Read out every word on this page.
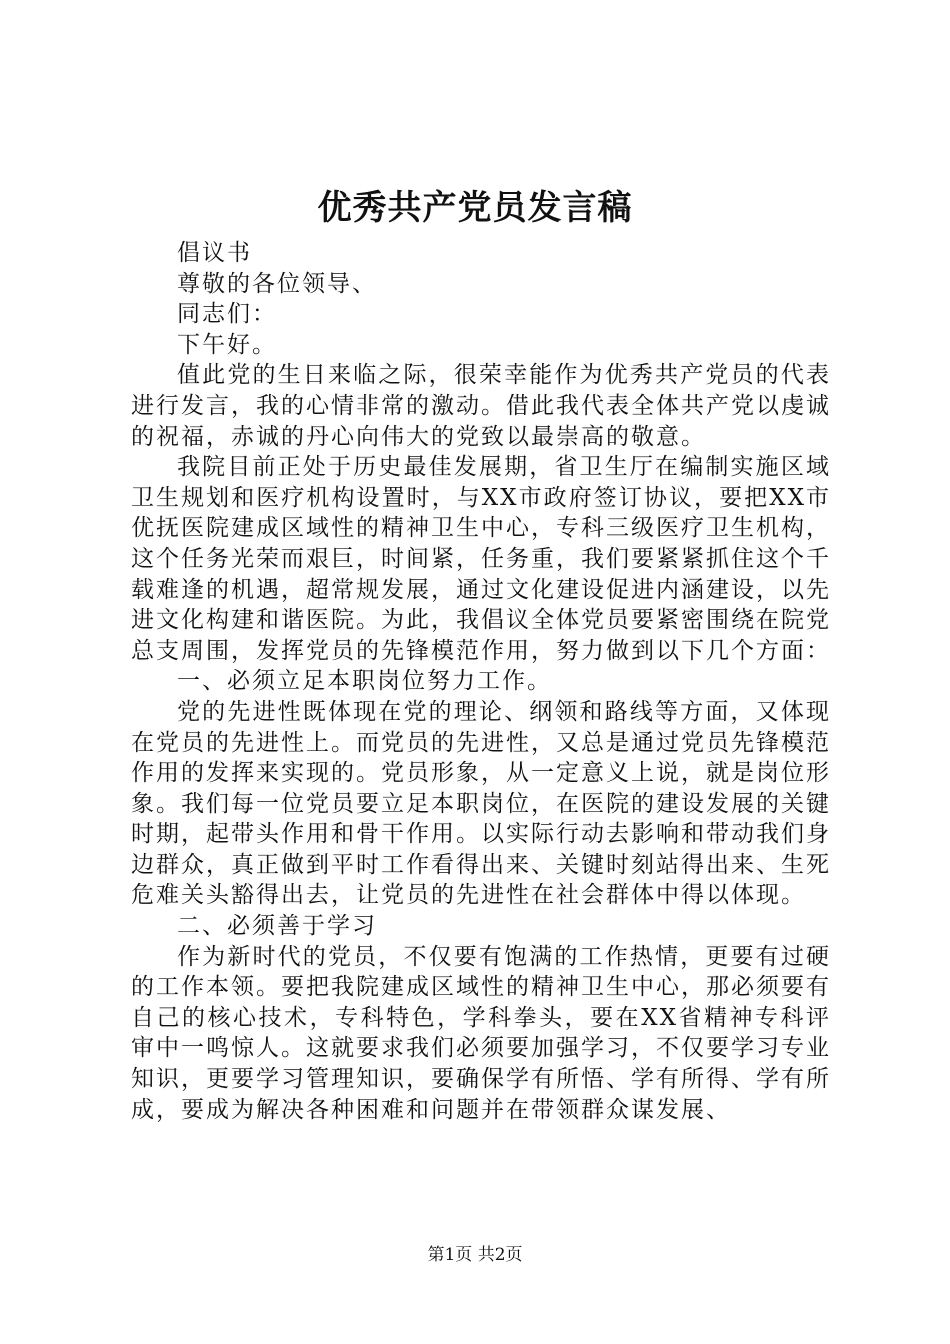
优秀共产党员发言稿

倡议书

尊敬的各位领导、

同志们：

下午好。

值此党的生日来临之际，很荣幸能作为优秀共产党员的代表进行发言，我的心情非常的激动。借此我代表全体共产党以虔诚的祝福，赤诚的丹心向伟大的党致以最崇高的敬意。

我院目前正处于历史最佳发展期，省卫生厅在编制实施区域卫生规划和医疗机构设置时，与XX市政府签订协议，要把XX市优抚医院建成区域性的精神卫生中心，专科三级医疗卫生机构，这个任务光荣而艰巨，时间紧，任务重，我们要紧紧抓住这个千载难逢的机遇，超常规发展，通过文化建设促进内涵建设，以先进文化构建和谐医院。为此，我倡议全体党员要紧密围绕在院党总支周围，发挥党员的先锋模范作用，努力做到以下几个方面：

一、必须立足本职岗位努力工作。

党的先进性既体现在党的理论、纲领和路线等方面，又体现在党员的先进性上。而党员的先进性，又总是通过党员先锋模范作用的发挥来实现的。党员形象，从一定意义上说，就是岗位形象。我们每一位党员要立足本职岗位，在医院的建设发展的关键时期，起带头作用和骨干作用。以实际行动去影响和带动我们身边群众，真正做到平时工作看得出来、关键时刻站得出来、生死危难关头豁得出去，让党员的先进性在社会群体中得以体现。

二、必须善于学习

作为新时代的党员，不仅要有饱满的工作热情，更要有过硬的工作本领。要把我院建成区域性的精神卫生中心，那必须要有自己的核心技术，专科特色，学科拳头，要在XX省精神专科评审中一鸣惊人。这就要求我们必须要加强学习，不仅要学习专业知识，更要学习管理知识，要确保学有所悟、学有所得、学有所成，要成为解决各种困难和问题并在带领群众谋发展、

第1页 共2页
